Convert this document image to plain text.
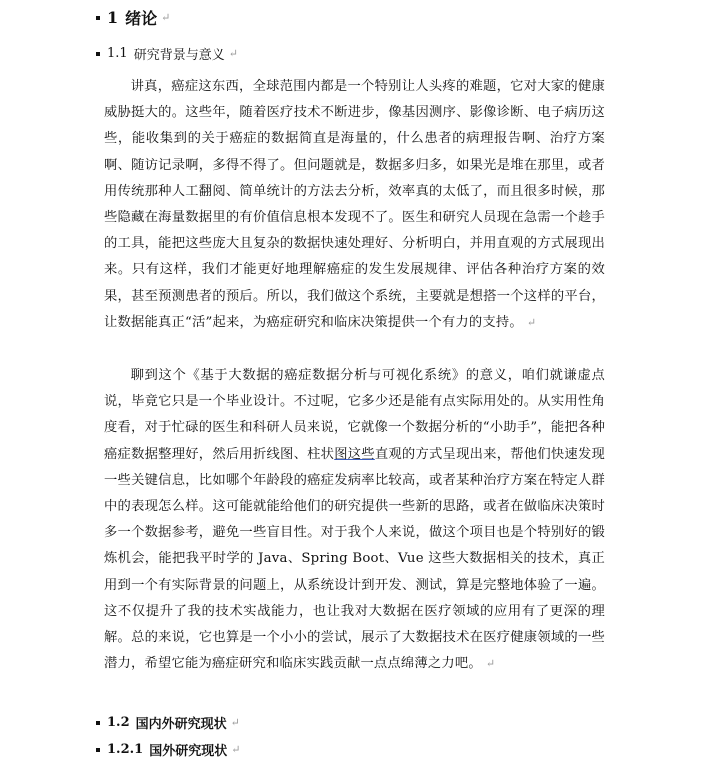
1 绪论 ↵
1.1 研究背景与意义 ↵
讲真，癌症这东西，全球范围内都是一个特别让人头疼的难题，它对大家的健康威胁挺大的。这些年，随着医疗技术不断进步，像基因测序、影像诊断、电子病历这些，能收集到的关于癌症的数据简直是海量的，什么患者的病理报告啊、治疗方案啊、随访记录啊，多得不得了。但问题就是，数据多归多，如果光是堆在那里，或者用传统那种人工翻阅、简单统计的方法去分析，效率真的太低了，而且很多时候，那些隐藏在海量数据里的有价值信息根本发现不了。医生和研究人员现在急需一个趁手的工具，能把这些庞大且复杂的数据快速处理好、分析明白，并用直观的方式展现出来。只有这样，我们才能更好地理解癌症的发生发展规律、评估各种治疗方案的效果，甚至预测患者的预后。所以，我们做这个系统，主要就是想搭一个这样的平台，让数据能真正“活”起来，为癌症研究和临床决策提供一个有力的支持。 ↵
聊到这个《基于大数据的癌症数据分析与可视化系统》的意义，咱们就谦虚点说，毕竟它只是一个毕业设计。不过呢，它多少还是能有点实际用处的。从实用性角度看，对于忙碌的医生和科研人员来说，它就像一个数据分析的“小助手”，能把各种癌症数据整理好，然后用折线图、柱状图这些直观的方式呈现出来，帮他们快速发现一些关键信息，比如哪个年龄段的癌症发病率比较高，或者某种治疗方案在特定人群中的表现怎么样。这可能就能给他们的研究提供一些新的思路，或者在做临床决策时多一个数据参考，避免一些盲目性。对于我个人来说，做这个项目也是个特别好的锻炼机会，能把我平时学的 Java、Spring Boot、Vue 这些大数据相关的技术，真正用到一个有实际背景的问题上，从系统设计到开发、测试，算是完整地体验了一遍。这不仅提升了我的技术实战能力，也让我对大数据在医疗领域的应用有了更深的理解。总的来说，它也算是一个小小的尝试，展示了大数据技术在医疗健康领域的一些潜力，希望它能为癌症研究和临床实践贡献一点点绵薄之力吧。 ↵
1.2 国内外研究现状 ↵
1.2.1 国外研究现状 ↵
